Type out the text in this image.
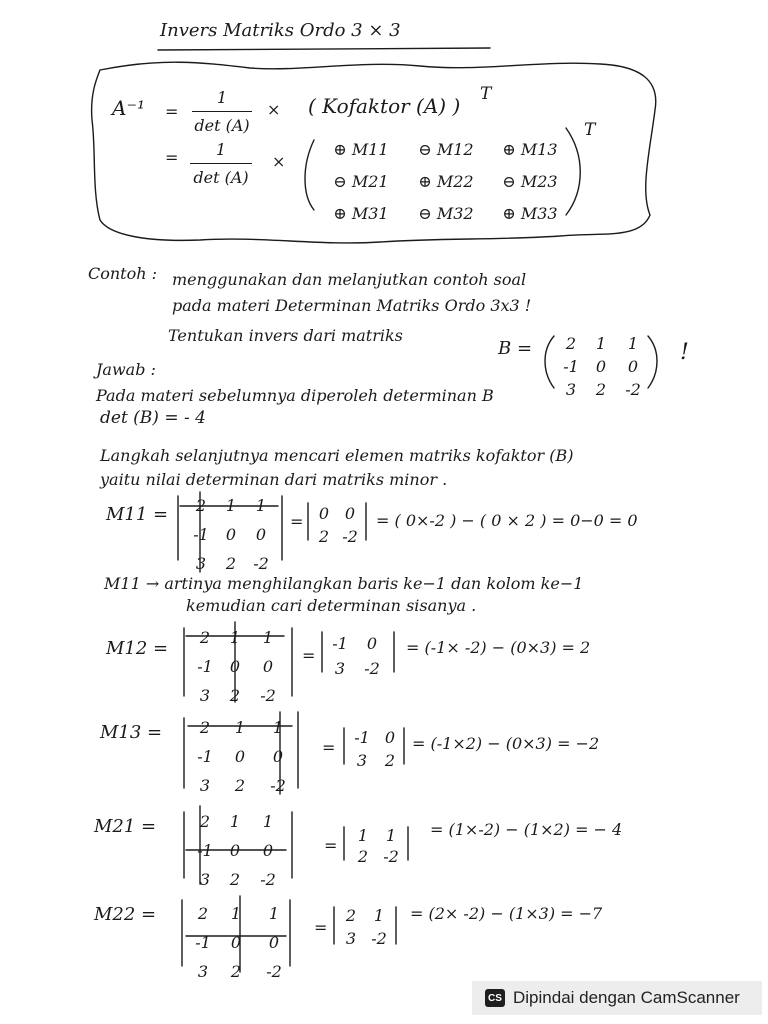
Invers Matriks Ordo 3 × 3
A⁻¹ =
1
det (A)
× ( Kofaktor (A) ) T
=	1
det (A)
×
⊕ M11	⊖ M12	⊕ M13
⊖ M21	⊕ M22	⊖ M23
⊕ M31	⊖ M32	⊕ M33
T
Contoh : menggunakan dan melanjutkan contoh soal
pada materi Determinan Matriks Ordo 3x3 !
Tentukan invers dari matriks
B =	2	1	1
-1	0	0
3	2	-2
!
Jawab :
Pada materi sebelumnya diperoleh determinan B
det (B) = - 4
Langkah selanjutnya mencari elemen matriks kofaktor (B)
yaitu nilai determinan dari matriks minor .
M11 =	2	1	1
-1	0	0
3	2	-2
= 0 0
2 -2
= ( 0×-2 ) − ( 0 × 2 ) = 0−0 = 0
M11 → artinya menghilangkan baris ke−1 dan kolom ke−1
kemudian cari determinan sisanya .
M12 =
2	1	1
-1	0	0
3	2	-2
=
-1	0
3	-2
= (-1× -2) − (0×3) = 2
M13 =	2	1	1
-1	0	0
3	2	-2
=
-1 0
3	2
= (-1×2) − (0×3) = −2
M21 =	2	1	1
-1	0	0
3	2	-2
=
1	1
2 -2
= (1×-2) − (1×2) = − 4
M22 =	2	1	1
-1	0	0
3	2	-2
=
2	1
3 -2
= (2× -2) − (1×3) = −7
CS Dipindai dengan CamScanner
